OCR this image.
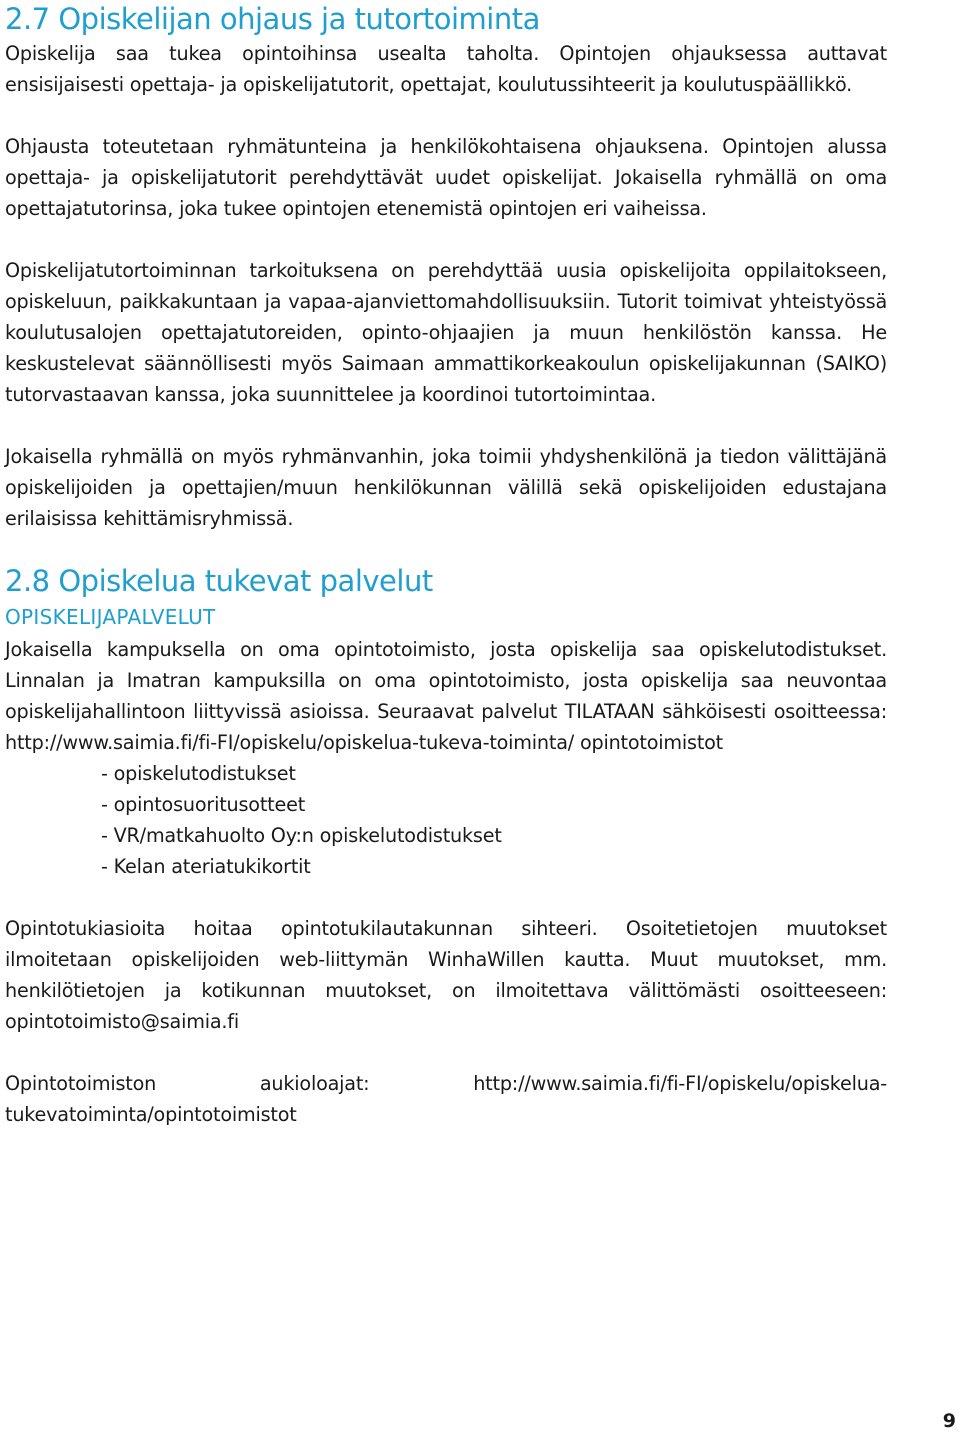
2.7 Opiskelijan ohjaus ja tutortoiminta

Opiskelija saa tukea opintoihinsa usealta taholta. Opintojen ohjauksessa auttavat ensisijaisesti opettaja- ja opiskelijatutorit, opettajat, koulutussihteerit ja koulutuspäällikkö.

Ohjausta toteutetaan ryhmätunteina ja henkilökohtaisena ohjauksena. Opintojen alussa opettaja- ja opiskelijatutorit perehdyttävät uudet opiskelijat. Jokaisella ryhmällä on oma opettajatutorinsa, joka tukee opintojen etenemistä opintojen eri vaiheissa.

Opiskelijatutortoiminnan tarkoituksena on perehdyttää uusia opiskelijoita oppilaitokseen, opiskeluun, paikkakuntaan ja vapaa-ajanviettomahdollisuuksiin. Tutorit toimivat yhteistyössä koulutusalojen opettajatutoreiden, opinto-ohjaajien ja muun henkilöstön kanssa. He keskustelevat säännöllisesti myös Saimaan ammattikorkeakoulun opiskelijakunnan (SAIKO) tutorvastaavan kanssa, joka suunnittelee ja koordinoi tutortoimintaa.

Jokaisella ryhmällä on myös ryhmänvanhin, joka toimii yhdyshenkilönä ja tiedon välittäjänä opiskelijoiden ja opettajien/muun henkilökunnan välillä sekä opiskelijoiden edustajana erilaisissa kehittämisryhmissä.

2.8 Opiskelua tukevat palvelut
OPISKELIJAPALVELUT

Jokaisella kampuksella on oma opintotoimisto, josta opiskelija saa opiskelutodistukset. Linnalan ja Imatran kampuksilla on oma opintotoimisto, josta opiskelija saa neuvontaa opiskelijahallintoon liittyvissä asioissa. Seuraavat palvelut TILATAAN sähköisesti osoitteessa: http://www.saimia.fi/fi-FI/opiskelu/opiskelua-tukeva-toiminta/ opintotoimistot

- opiskelutodistukset
- opintosuoritusotteet
- VR/matkahuolto Oy:n opiskelutodistukset
- Kelan ateriatukikortit

Opintotukiasioita hoitaa opintotukilautakunnan sihteeri. Osoitetietojen muutokset ilmoitetaan opiskelijoiden web-liittymän WinhaWillen kautta. Muut muutokset, mm. henkilötietojen ja kotikunnan muutokset, on ilmoitettava välittömästi osoitteeseen: opintotoimisto@saimia.fi

Opintotoimiston aukioloajat: http://www.saimia.fi/fi-FI/opiskelu/opiskelua-tukevatoiminta/opintotoimistot

9
